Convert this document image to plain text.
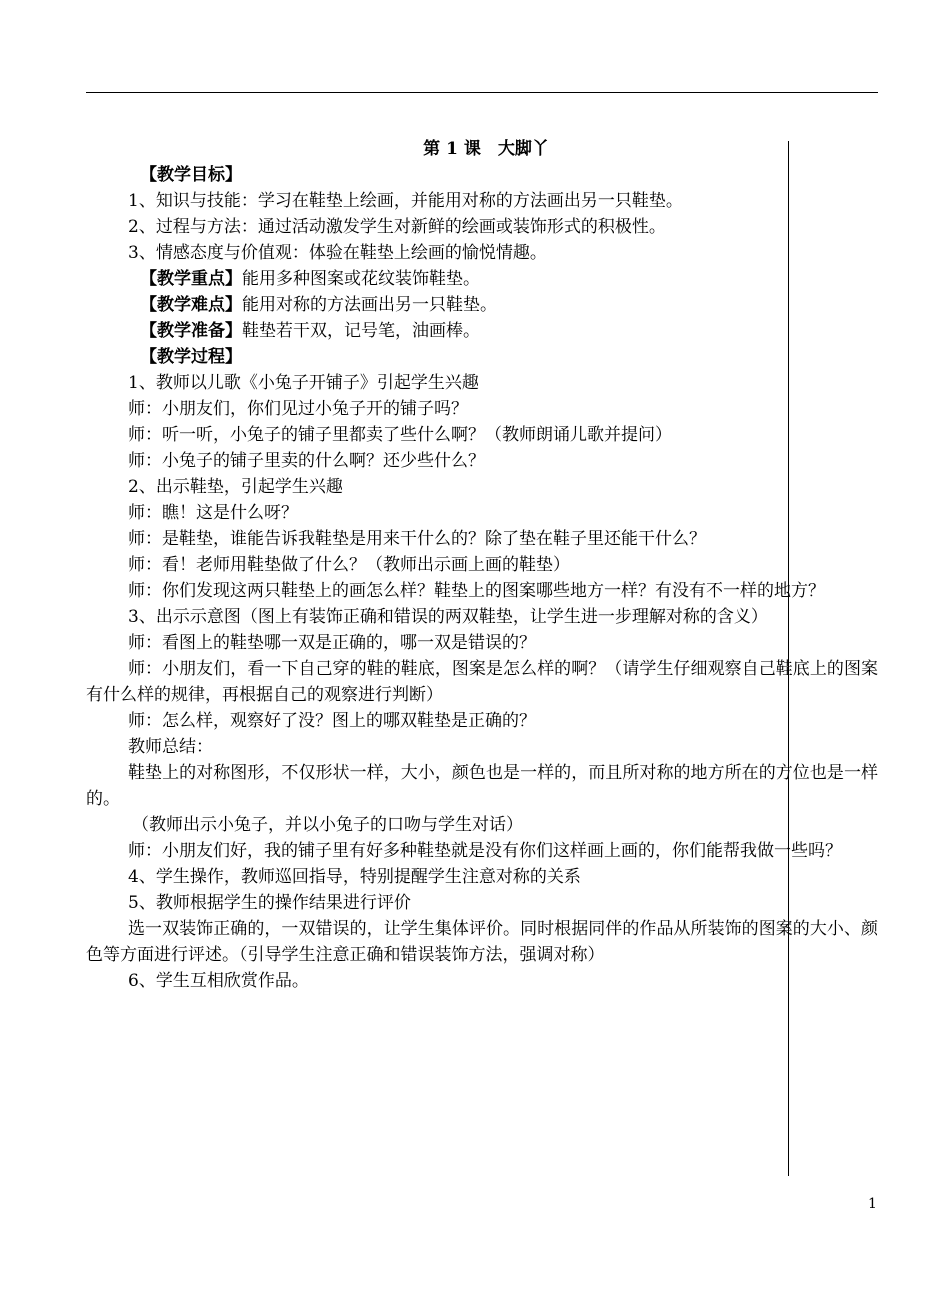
第 1 课　大脚丫

【教学目标】

1、知识与技能：学习在鞋垫上绘画，并能用对称的方法画出另一只鞋垫。

2、过程与方法：通过活动激发学生对新鲜的绘画或装饰形式的积极性。

3、情感态度与价值观：体验在鞋垫上绘画的愉悦情趣。

【教学重点】能用多种图案或花纹装饰鞋垫。

【教学难点】能用对称的方法画出另一只鞋垫。

【教学准备】鞋垫若干双，记号笔，油画棒。

【教学过程】

1、教师以儿歌《小兔子开铺子》引起学生兴趣

师：小朋友们，你们见过小兔子开的铺子吗？

师：听一听，小兔子的铺子里都卖了些什么啊？（教师朗诵儿歌并提问）

师：小兔子的铺子里卖的什么啊？还少些什么？

2、出示鞋垫，引起学生兴趣

师：瞧！这是什么呀？

师：是鞋垫，谁能告诉我鞋垫是用来干什么的？除了垫在鞋子里还能干什么？

师：看！老师用鞋垫做了什么？（教师出示画上画的鞋垫）

师：你们发现这两只鞋垫上的画怎么样？鞋垫上的图案哪些地方一样？有没有不一样的地方？

3、出示示意图（图上有装饰正确和错误的两双鞋垫，让学生进一步理解对称的含义）

师：看图上的鞋垫哪一双是正确的，哪一双是错误的？

师：小朋友们，看一下自己穿的鞋的鞋底，图案是怎么样的啊？（请学生仔细观察自己鞋底上的图案有什么样的规律，再根据自己的观察进行判断）

师：怎么样，观察好了没？图上的哪双鞋垫是正确的？

教师总结：

鞋垫上的对称图形，不仅形状一样，大小，颜色也是一样的，而且所对称的地方所在的方位也是一样的。

（教师出示小兔子，并以小兔子的口吻与学生对话）

师：小朋友们好，我的铺子里有好多种鞋垫就是没有你们这样画上画的，你们能帮我做一些吗？

4、学生操作，教师巡回指导，特别提醒学生注意对称的关系

5、教师根据学生的操作结果进行评价

选一双装饰正确的，一双错误的，让学生集体评价。同时根据同伴的作品从所装饰的图案的大小、颜色等方面进行评述。（引导学生注意正确和错误装饰方法，强调对称）

6、学生互相欣赏作品。

1
